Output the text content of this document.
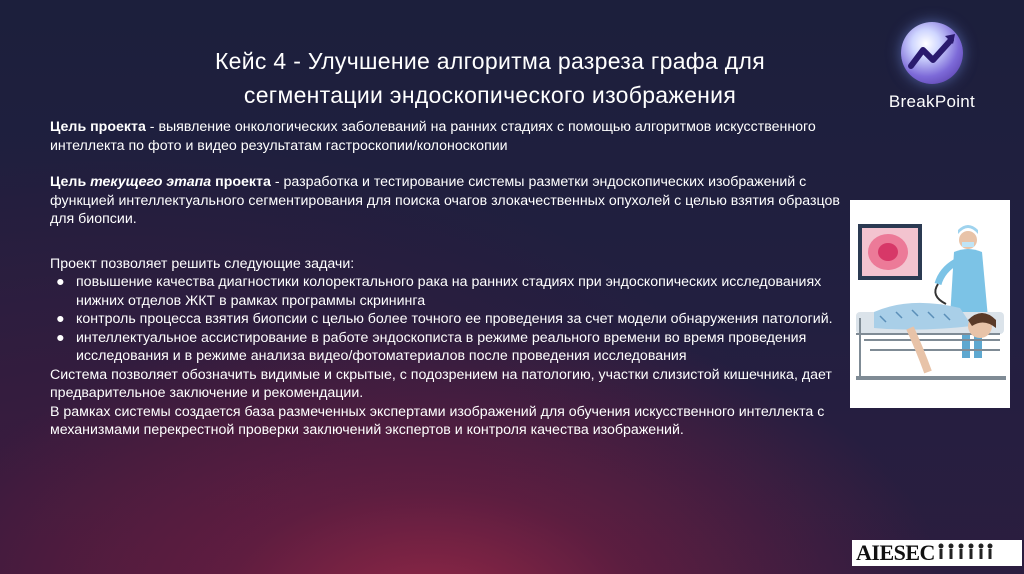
Кейс 4 - Улучшение алгоритма разреза графа для
сегментации эндоскопического изображения	BreakPoint

Цель проекта - выявление онкологических заболеваний на ранних стадиях с помощью алгоритмов искусственного интеллекта по фото и видео результатам гастроскопии/колоноскопии

Цель текущего этапа проекта - разработка и тестирование системы разметки эндоскопических изображений с функцией интеллектуального сегментирования для поиска очагов злокачественных опухолей с целью взятия образцов для биопсии.

Проект позволяет решить следующие задачи:

● повышение качества диагностики колоректального рака на ранних стадиях при эндоскопических исследованиях нижних отделов ЖКТ в рамках программы скрининга
● контроль процесса взятия биопсии с целью более точного ее проведения за счет модели обнаружения патологий.
● интеллектуальное ассистирование в работе эндоскописта в режиме реального времени во время проведения исследования и в режиме анализа видео/фотоматериалов после проведения исследования

Система позволяет обозначить видимые и скрытые, с подозрением на патологию, участки слизистой кишечника, дает предварительное заключение и рекомендации.

В рамках системы создается база размеченных экспертами изображений для обучения искусственного интеллекта с механизмами перекрестной проверки заключений экспертов и контроля качества изображений.

AIESEC
